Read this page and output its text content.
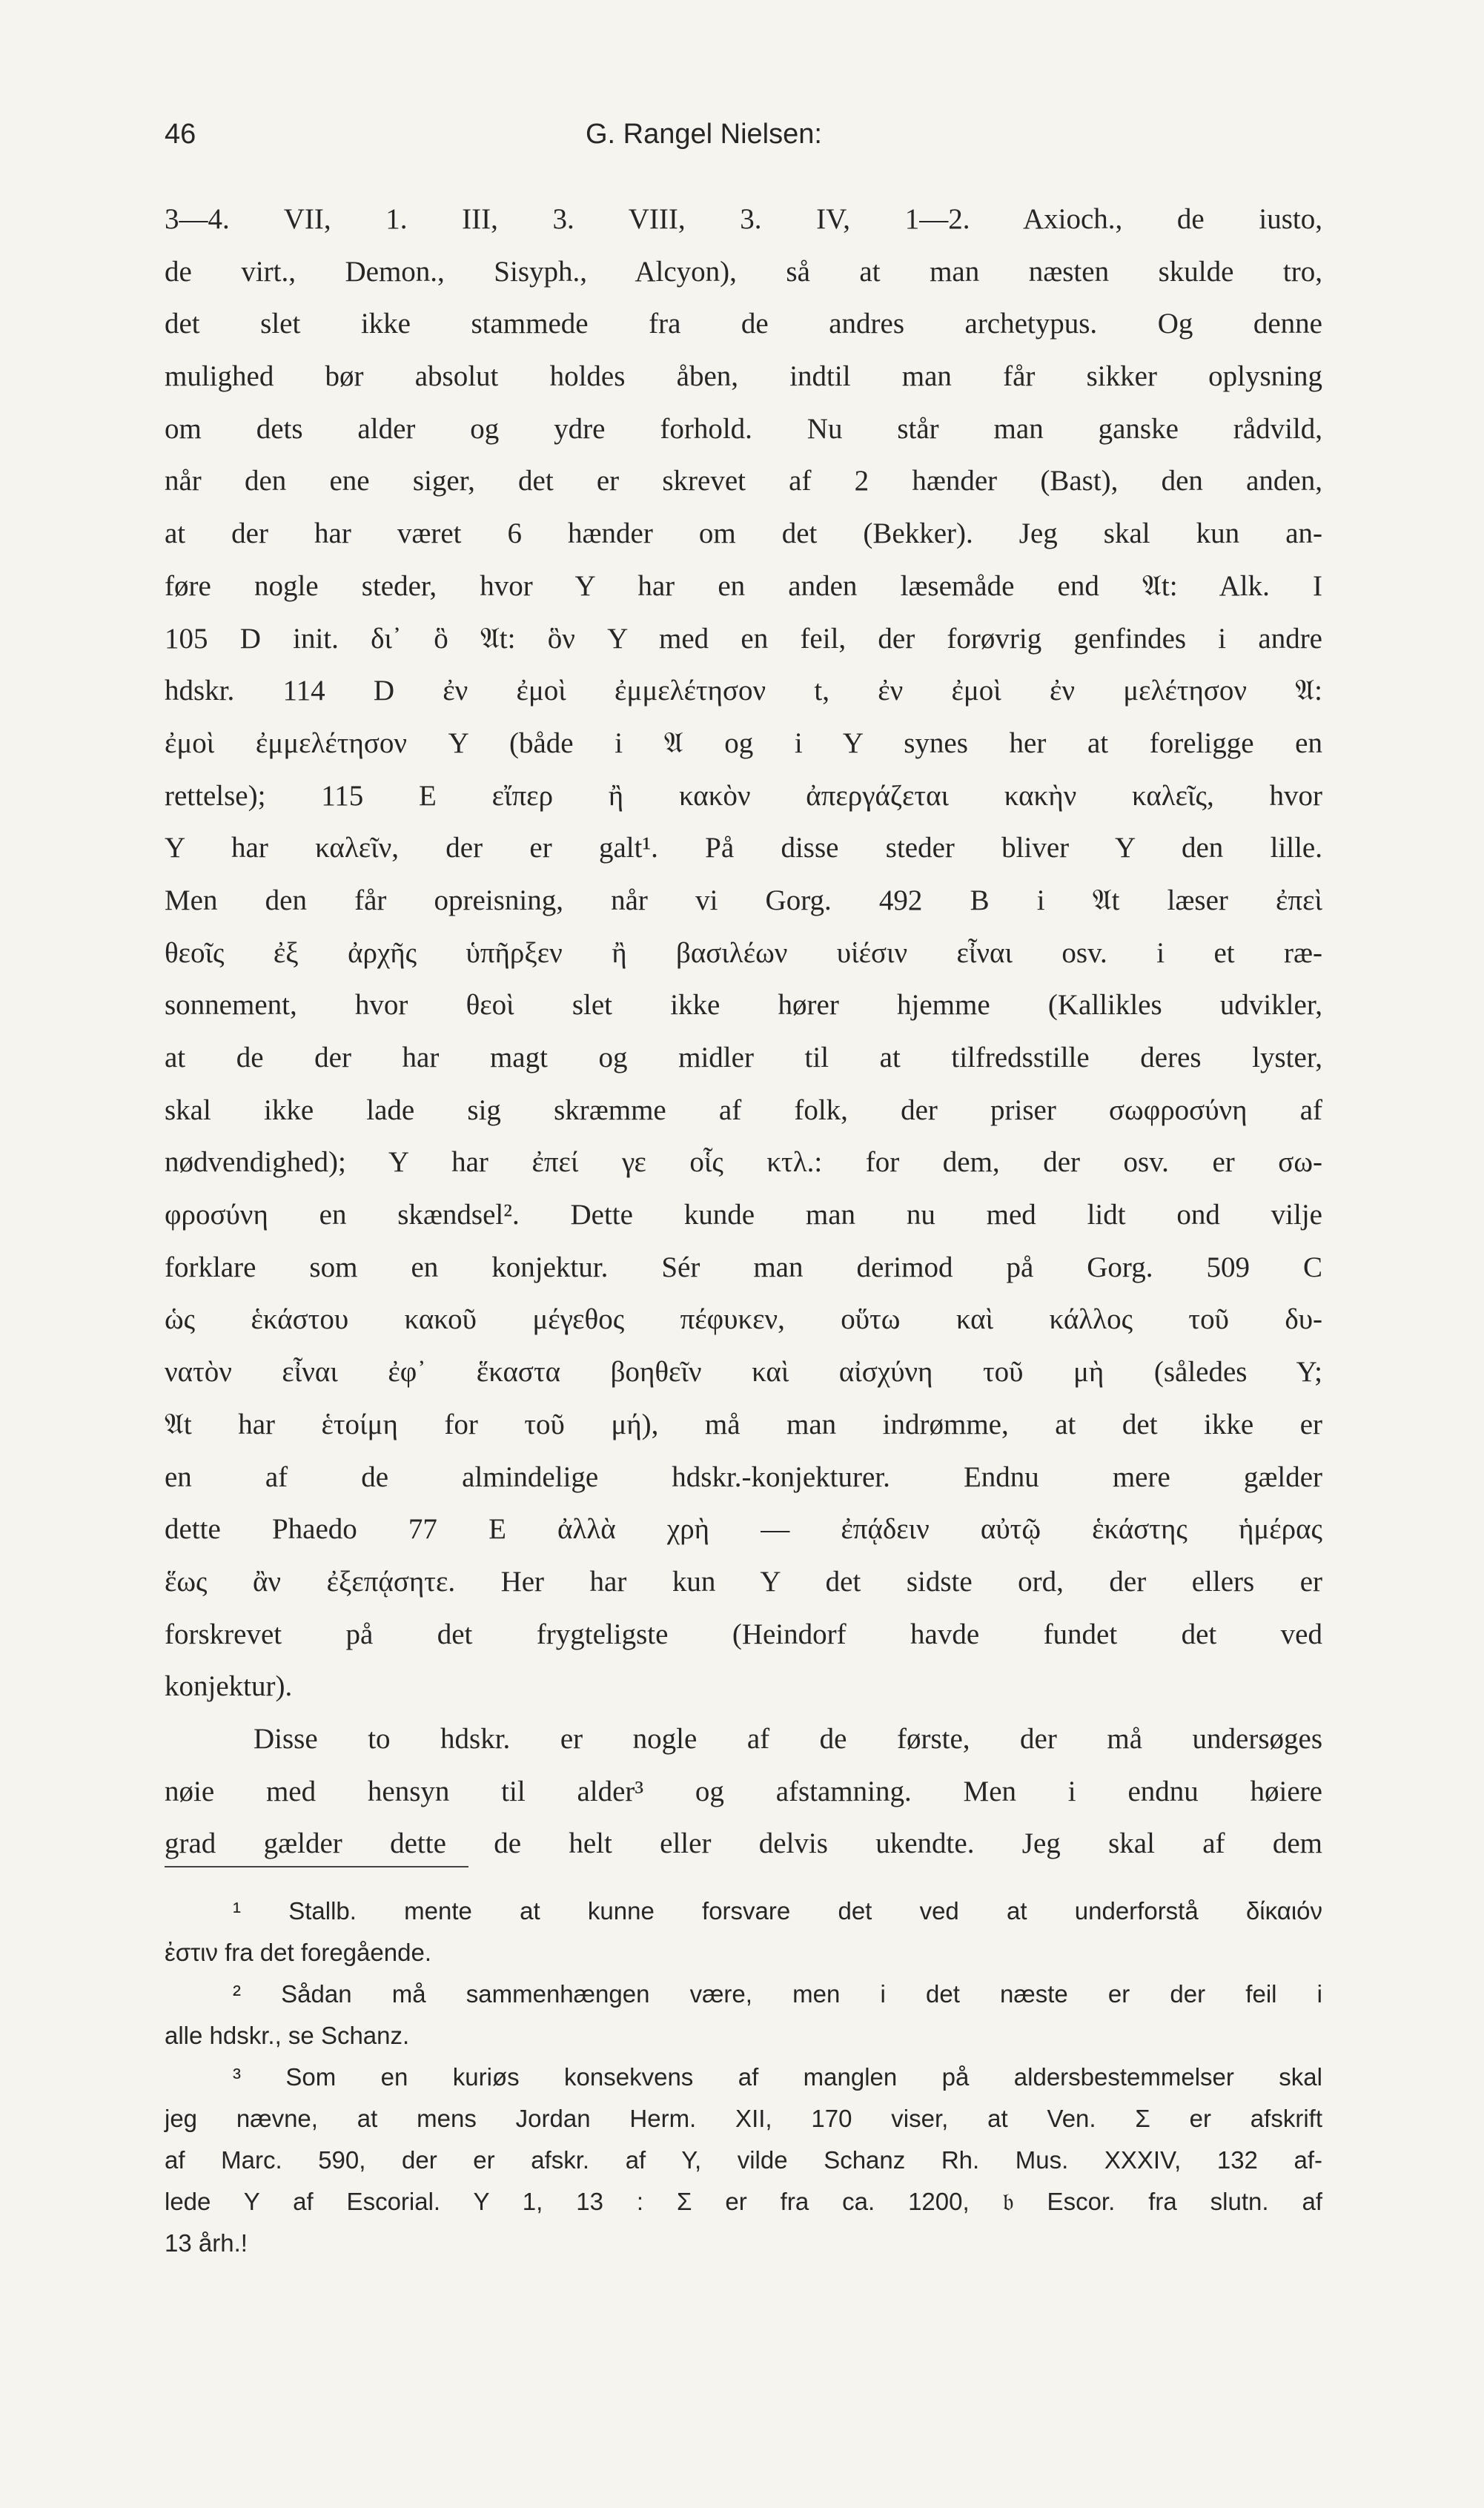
46	G. Rangel Nielsen:
3—4. VII, 1. III, 3. VIII, 3. IV, 1—2. Axioch., de iusto,
de virt., Demon., Sisyph., Alcyon), så at man næsten skulde tro,
det slet ikke stammede fra de andres archetypus. Og denne
mulighed bør absolut holdes åben, indtil man får sikker oplysning
om dets alder og ydre forhold. Nu står man ganske rådvild,
når den ene siger, det er skrevet af 2 hænder (Bast), den anden,
at der har været 6 hænder om det (Bekker). Jeg skal kun an-
føre nogle steder, hvor Y har en anden læsemåde end 𝔄t: Alk. I
105 D init. δι᾽ ὃ 𝔄t: ὃν Y med en feil, der forøvrig genfindes i andre
hdskr. 114 D ἐν ἐμοὶ ἐμμελέτησον t, ἐν ἐμοὶ ἐν μελέτησον 𝔄:
ἐμοὶ ἐμμελέτησον Y (både i 𝔄 og i Y synes her at foreligge en
rettelse); 115 E εἴπερ ἢ κακὸν ἀπεργάζεται κακὴν καλεῖς, hvor
Y har καλεῖν, der er galt¹. På disse steder bliver Y den lille.
Men den får opreisning, når vi Gorg. 492 B i 𝔄t læser ἐπεὶ
θεοῖς ἐξ ἀρχῆς ὑπῆρξεν ἢ βασιλέων υἱέσιν εἶναι osv. i et ræ-
sonnement, hvor θεοὶ slet ikke hører hjemme (Kallikles udvikler,
at de der har magt og midler til at tilfredsstille deres lyster,
skal ikke lade sig skræmme af folk, der priser σωφροσύνη af
nødvendighed); Y har ἐπεί γε οἷς κτλ.: for dem, der osv. er σω-
φροσύνη en skændsel². Dette kunde man nu med lidt ond vilje
forklare som en konjektur. Sér man derimod på Gorg. 509 C
ὡς ἑκάστου κακοῦ μέγεθος πέφυκεν, οὕτω καὶ κάλλος τοῦ δυ-
νατὸν εἶναι ἐφ᾽ ἕκαστα βοηθεῖν καὶ αἰσχύνη τοῦ μὴ (således Y;
𝔄t har ἑτοίμη for τοῦ μή), må man indrømme, at det ikke er
en af de almindelige hdskr.-konjekturer. Endnu mere gælder
dette Phaedo 77 E ἀλλὰ χρὴ — ἐπᾴδειν αὐτῷ ἑκάστης ἡμέρας
ἕως ἂν ἐξεπᾴσητε. Her har kun Y det sidste ord, der ellers er
forskrevet på det frygteligste (Heindorf havde fundet det ved
konjektur).
Disse to hdskr. er nogle af de første, der må undersøges
nøie med hensyn til alder³ og afstamning. Men i endnu høiere
grad gælder dette de helt eller delvis ukendte. Jeg skal af dem
¹ Stallb. mente at kunne forsvare det ved at underforstå δίκαιόν
ἐστιν fra det foregående.
² Sådan må sammenhængen være, men i det næste er der feil i
alle hdskr., se Schanz.
³ Som en kuriøs konsekvens af manglen på aldersbestemmelser skal
jeg nævne, at mens Jordan Herm. XII, 170 viser, at Ven. Σ er afskrift
af Marc. 590, der er afskr. af Y, vilde Schanz Rh. Mus. XXXIV, 132 af-
lede Y af Escorial. Y 1, 13 : Σ er fra ca. 1200, 𝔟 Escor. fra slutn. af
13 årh.!
